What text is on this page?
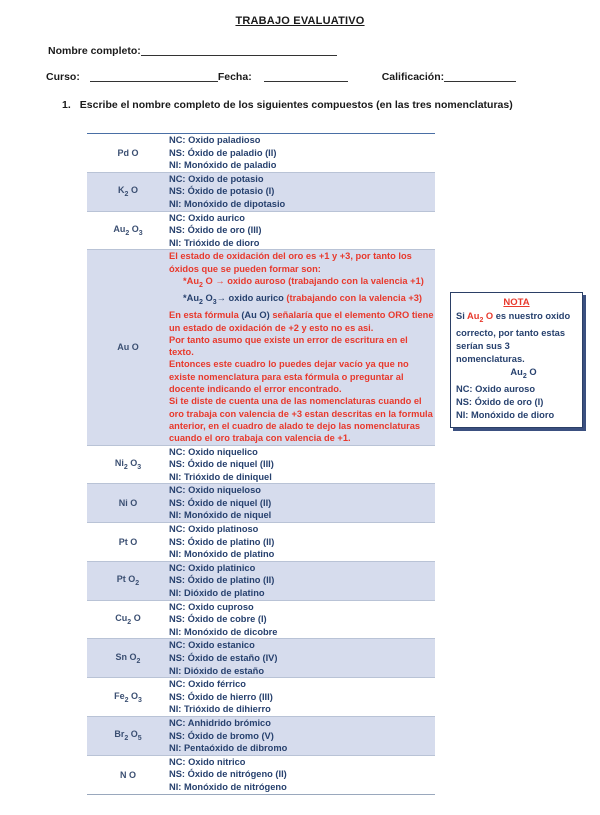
TRABAJO EVALUATIVO
Nombre completo:
Curso:	Fecha:	Calificación:
1. Escribe el nombre completo de los siguientes compuestos (en las tres nomenclaturas)
Pd O	NC: Oxido paladioso
NS: Óxido de paladio (II)
NI: Monóxido de paladio

$K_2$ O	NC: Oxido de potasio
NS: Óxido de potasio (I)
NI: Monóxido de dipotasio

$Au_2$ $O_3$	NC: Oxido aurico
NS: Óxido de oro (III)
NI: Trióxido de dioro

Au O	El estado de oxidación del oro es +1 y +3, por tanto los óxidos que se pueden formar son:
$*Au_2$ O → oxido auroso (trabajando con la valencia +1)
$*Au_2$ $O_3\to$ oxido aurico (trabajando con la valencia +3)
En esta fórmula (Au O) señalaría que el elemento ORO tiene un estado de oxidación de +2 y esto no es asi.
Por tanto asumo que existe un error de escritura en el texto.
Entonces este cuadro lo puedes dejar vacío ya que no existe nomenclatura para esta fórmula o preguntar al docente indicando el error encontrado.
Si te diste de cuenta una de las nomenclaturas cuando el oro trabaja con valencia de +3 estan descritas en la formula anterior, en el cuadro de alado te dejo las nomenclaturas cuando el oro trabaja con valencia de +1.
$Ni_2$ $O_3$	NC: Oxido niquelico
NS: Óxido de niquel (III)
NI: Trióxido de diniquel

Ni O	NC: Oxido niqueloso
NS: Óxido de niquel (II)
NI: Monóxido de niquel

Pt O	NC: Oxido platinoso
NS: Óxido de platino (II)
NI: Monóxido de platino

Pt $O_2$	NC: Oxido platinico
NS: Óxido de platino (II)
NI: Dióxido de platino

$Cu_2$ O	NC: Oxido cuproso
NS: Óxido de cobre (I)
NI: Monóxido de dicobre

Sn $O_2$	NC: Oxido estanico
NS: Óxido de estaño (IV)
NI: Dióxido de estaño

$Fe_2$ $O_3$	NC: Oxido férrico
NS: Óxido de hierro (III)
NI: Trióxido de dihierro

$Br_2$ $O_5$	NC: Anhidrido brómico
NS: Óxido de bromo (V)
NI: Pentaóxido de dibromo

N O	NC: Oxido nitrico
NS: Óxido de nitrógeno (II)
NI: Monóxido de nitrógeno
NOTA
Si $Au_2$ O es nuestro oxido correcto, por tanto estas serían sus 3 nomenclaturas.
$Au_2$ O
NC: Oxido auroso
NS: Óxido de oro (I)
NI: Monóxido de dioro
